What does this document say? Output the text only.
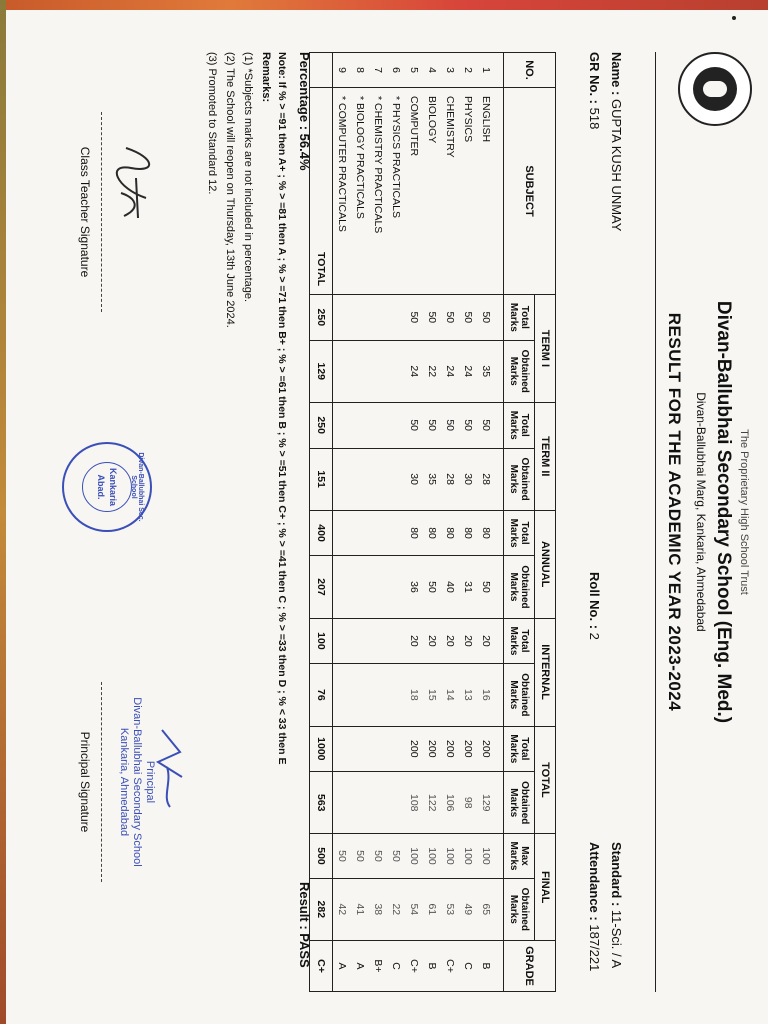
The Proprietary High School Trust
Divan-Ballubhai Secondary School (Eng. Med.)
Divan-Ballubhai Marg, Kankaria, Ahmedabad
RESULT FOR THE ACADEMIC YEAR 2023-2024
Name : GUPTA KUSH UNMAY
Standard : 11-Sci. / A
GR No. : 518
Roll No. : 2
Attendance : 187/221
NO.	SUBJECT	TERM I		TERM II		ANNUAL		INTERNAL		TOTAL		FINAL		GRADE
		Total Marks	Obtained Marks	Total Marks	Obtained Marks	Total Marks	Obtained Marks	Total Marks	Obtained Marks	Total Marks	Obtained Marks	Max Marks	Obtained Marks	
1	ENGLISH	50	35	50	28	80	50	20	16	200	129	100	65	B
2	PHYSICS	50	24	50	30	80	31	20	13	200	98	100	49	C
3	CHEMISTRY	50	24	50	28	80	40	20	14	200	106	100	53	C+
4	BIOLOGY	50	22	50	35	80	50	20	15	200	122	100	61	B
5	COMPUTER	50	24	50	30	80	36	20	18	200	108	100	54	C+
6	* PHYSICS PRACTICALS											50	22	C
7	* CHEMISTRY PRACTICALS											50	38	B+
8	* BIOLOGY PRACTICALS											50	41	A
9	* COMPUTER PRACTICALS											50	42	A
	TOTAL	250	129	250	151	400	207	100	76	1000	563	500	282	C+
Percentage : 56.4%
Result : PASS
Note: If % > =91 then A+ ; % > =81 then A ; % > =71 then B+ ; % > =61 then B ; % > =51 then C+ ; % > =41 then C ; % > =33 then D ; % < 33 then E
Remarks:
(1) *Subjects marks are not included in percentage.
(2) The School will reopen on Thursday, 13th June 2024.
(3) Promoted to Standard 12.
Class Teacher Signature
Divan-Ballubhai Sec. School
Kankaria
Abad.
Principal
Divan-Ballubhai Secondary School
Kankaria, Ahmedabad
Principal Signature
